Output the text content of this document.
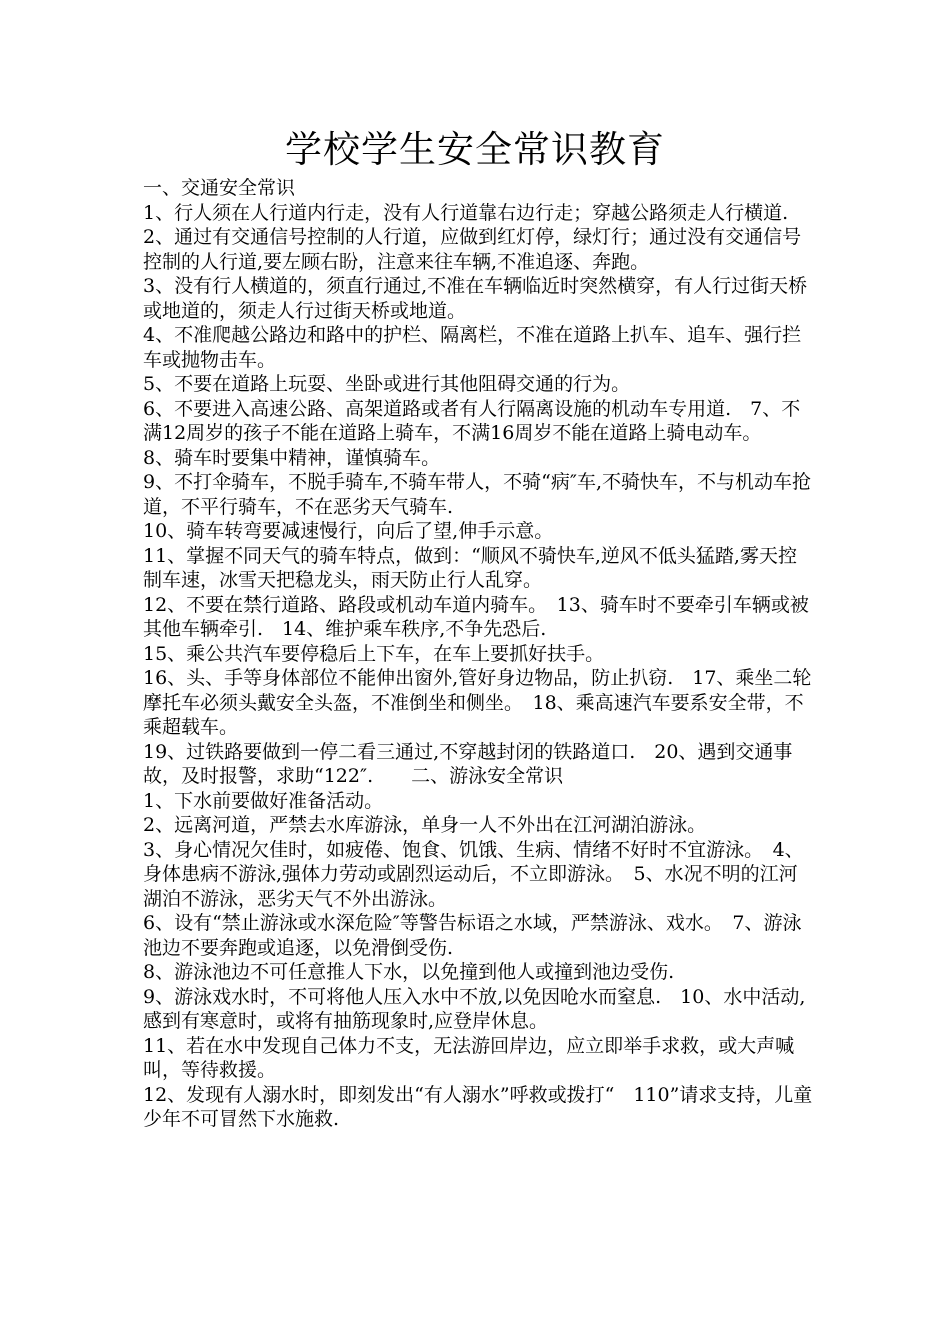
学校学生安全常识教育

一、交通安全常识

1、行人须在人行道内行走，没有人行道靠右边行走；穿越公路须走人行横道.

2、通过有交通信号控制的人行道，应做到红灯停，绿灯行；通过没有交通信号控制的人行道,要左顾右盼，注意来往车辆,不准追逐、奔跑。

3、没有行人横道的，须直行通过,不准在车辆临近时突然横穿，有人行过街天桥或地道的，须走人行过街天桥或地道。

4、不准爬越公路边和路中的护栏、隔离栏，不准在道路上扒车、追车、强行拦车或抛物击车。

5、不要在道路上玩耍、坐卧或进行其他阻碍交通的行为。

6、不要进入高速公路、高架道路或者有人行隔离设施的机动车专用道.　7、不满12周岁的孩子不能在道路上骑车，不满16周岁不能在道路上骑电动车。

8、骑车时要集中精神，谨慎骑车。

9、不打伞骑车，不脱手骑车,不骑车带人，不骑“病″车,不骑快车，不与机动车抢道，不平行骑车，不在恶劣天气骑车.

10、骑车转弯要减速慢行，向后了望,伸手示意。

11、掌握不同天气的骑车特点，做到：“顺风不骑快车,逆风不低头猛踏,雾天控制车速，冰雪天把稳龙头，雨天防止行人乱穿。

12、不要在禁行道路、路段或机动车道内骑车。　13、骑车时不要牵引车辆或被其他车辆牵引.　14、维护乘车秩序,不争先恐后.

15、乘公共汽车要停稳后上下车，在车上要抓好扶手。

16、头、手等身体部位不能伸出窗外,管好身边物品，防止扒窃.　17、乘坐二轮摩托车必须头戴安全头盔，不准倒坐和侧坐。　18、乘高速汽车要系安全带，不乘超载车。

19、过铁路要做到一停二看三通过,不穿越封闭的铁路道口.　20、遇到交通事故，及时报警，求助“122″.　　二、游泳安全常识

1、下水前要做好准备活动。

2、远离河道，严禁去水库游泳，单身一人不外出在江河湖泊游泳。

3、身心情况欠佳时，如疲倦、饱食、饥饿、生病、情绪不好时不宜游泳。　4、身体患病不游泳,强体力劳动或剧烈运动后，不立即游泳。　5、水况不明的江河湖泊不游泳，恶劣天气不外出游泳。

6、设有“禁止游泳或水深危险″等警告标语之水域，严禁游泳、戏水。　7、游泳池边不要奔跑或追逐，以免滑倒受伤.

8、游泳池边不可任意推人下水，以免撞到他人或撞到池边受伤.

9、游泳戏水时，不可将他人压入水中不放,以免因呛水而窒息.　10、水中活动,感到有寒意时，或将有抽筋现象时,应登岸休息。

11、若在水中发现自己体力不支，无法游回岸边，应立即举手求救，或大声喊叫，等待救援。

12、发现有人溺水时，即刻发出“有人溺水”呼救或拨打“　110”请求支持，儿童少年不可冒然下水施救.
